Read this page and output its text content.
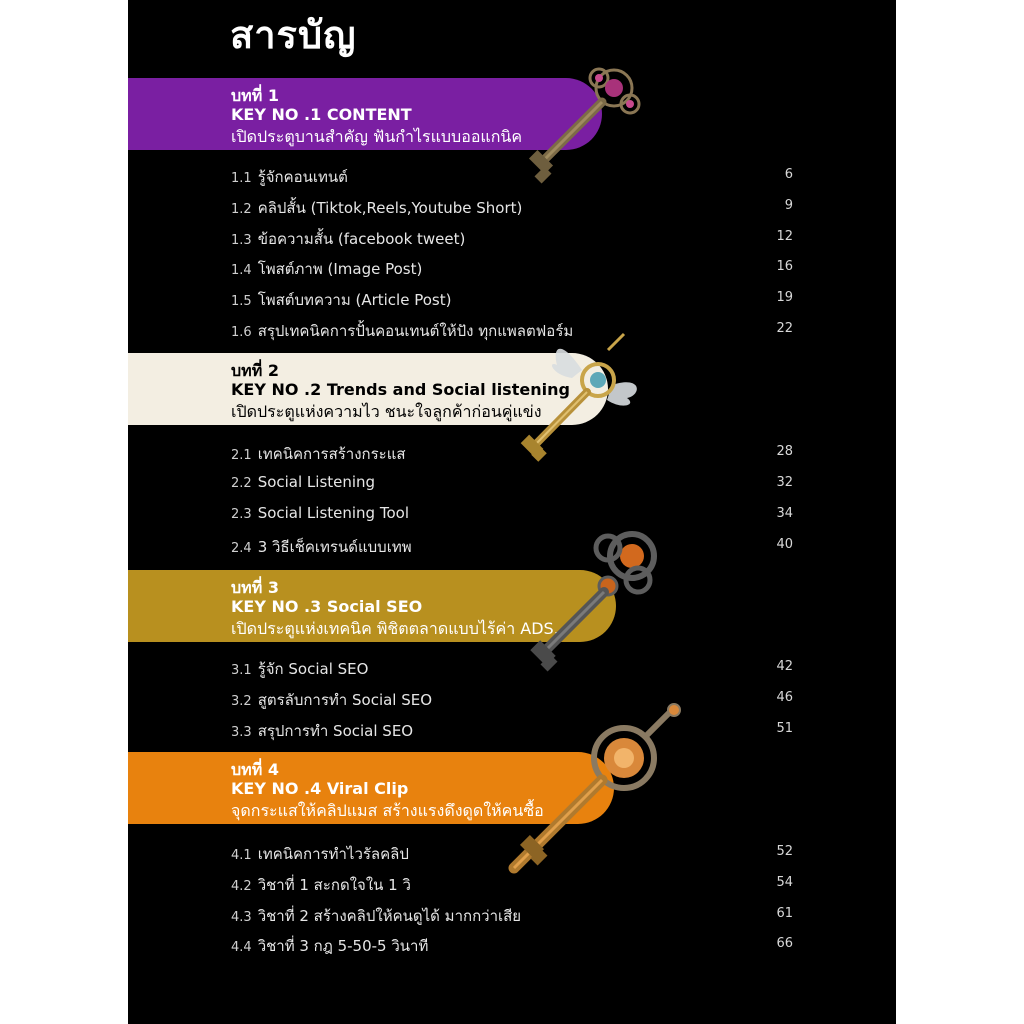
สารบัญ
บทที่ 1
KEY NO .1 CONTENT
เปิดประตูบานสำคัญ ฟันกำไรแบบออแกนิค
1.1 รู้จักคอนเทนต์	6
1.2 คลิปสั้น (Tiktok,Reels,Youtube Short)	9
1.3 ข้อความสั้น (facebook tweet)	12
1.4 โพสต์ภาพ (Image Post)	16
1.5 โพสต์บทความ (Article Post)	19
1.6 สรุปเทคนิคการปั้นคอนเทนต์ให้ปัง ทุกแพลตฟอร์ม	22
บทที่ 2
KEY NO .2 Trends and Social listening
เปิดประตูแห่งความไว ชนะใจลูกค้าก่อนคู่แข่ง
2.1 เทคนิคการสร้างกระแส	28
2.2 Social Listening	32
2.3 Social Listening Tool	34
2.4 3 วิธีเช็คเทรนด์แบบเทพ	40
บทที่ 3
KEY NO .3 Social SEO
เปิดประตูแห่งเทคนิค พิชิตตลาดแบบไร้ค่า ADS.
3.1 รู้จัก Social SEO	42
3.2 สูตรลับการทำ Social SEO	46
3.3 สรุปการทำ Social SEO	51
บทที่ 4
KEY NO .4 Viral Clip
จุดกระแสให้คลิปแมส สร้างแรงดึงดูดให้คนซื้อ
4.1 เทคนิคการทำไวรัลคลิป	52
4.2 วิชาที่ 1 สะกดใจใน 1 วิ	54
4.3 วิชาที่ 2 สร้างคลิปให้คนดูได้ มากกว่าเสีย	61
4.4 วิชาที่ 3 กฎ 5-50-5 วินาที	66
